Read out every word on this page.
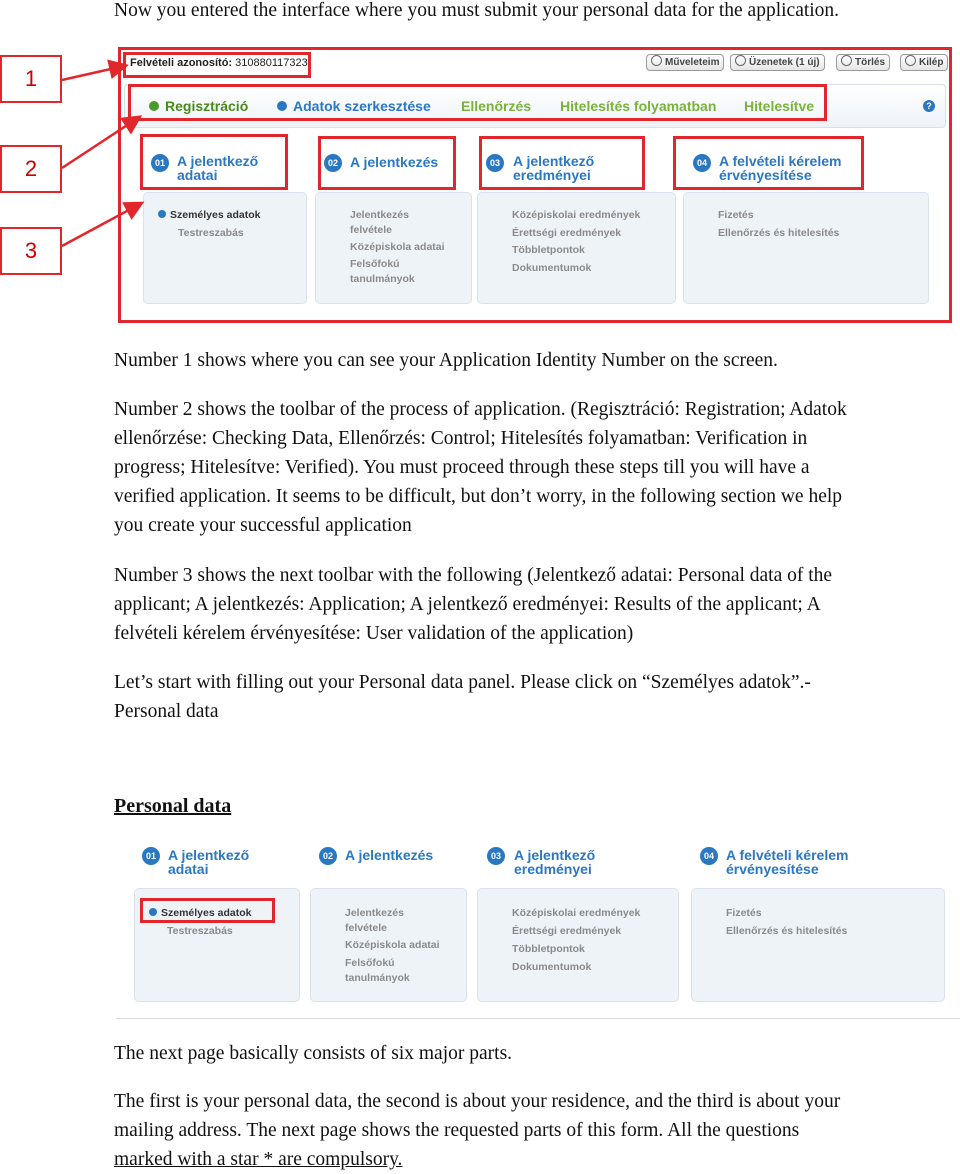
Now you entered the interface where you must submit your personal data for the application.

1
2
3
Felvételi azonosító: 310880117323	Műveleteim	Üzenetek (1 új)	Törlés	Kilép
Regisztráció	Adatok szerkesztése Ellenőrzés Hitelesítés folyamatban Hitelesítve	?
01 A jelentkező
adatai
02 A jelentkezés	03 A jelentkező
eredményei
04 A felvételi kérelem
érvényesítése
Személyes adatok
Testreszabás
Jelentkezés
felvétele
Középiskola adatai
Felsőfokú
tanulmányok
Középiskolai eredmények
Érettségi eredmények
Többletpontok
Dokumentumok
Fizetés
Ellenőrzés és hitelesítés

Number 1 shows where you can see your Application Identity Number on the screen.

Number 2 shows the toolbar of the process of application. (Regisztráció: Registration; Adatok
ellenőrzése: Checking Data, Ellenőrzés: Control; Hitelesítés folyamatban: Verification in
progress; Hitelesítve: Verified). You must proceed through these steps till you will have a
verified application. It seems to be difficult, but don’t worry, in the following section we help
you create your successful application

Number 3 shows the next toolbar with the following (Jelentkező adatai: Personal data of the
applicant; A jelentkezés: Application; A jelentkező eredményei: Results of the applicant; A
felvételi kérelem érvényesítése: User validation of the application)

Let’s start with filling out your Personal data panel. Please click on “Személyes adatok”.-
Personal data

Personal data
01 A jelentkező
adatai
02 A jelentkezés	03 A jelentkező
eredményei
04 A felvételi kérelem
érvényesítése
Személyes adatok
Testreszabás
Jelentkezés
felvétele
Középiskola adatai
Felsőfokú
tanulmányok
Középiskolai eredmények
Érettségi eredmények
Többletpontok
Dokumentumok
Fizetés
Ellenőrzés és hitelesítés

The next page basically consists of six major parts.

The first is your personal data, the second is about your residence, and the third is about your
mailing address. The next page shows the requested parts of this form. All the questions
marked with a star * are compulsory.
